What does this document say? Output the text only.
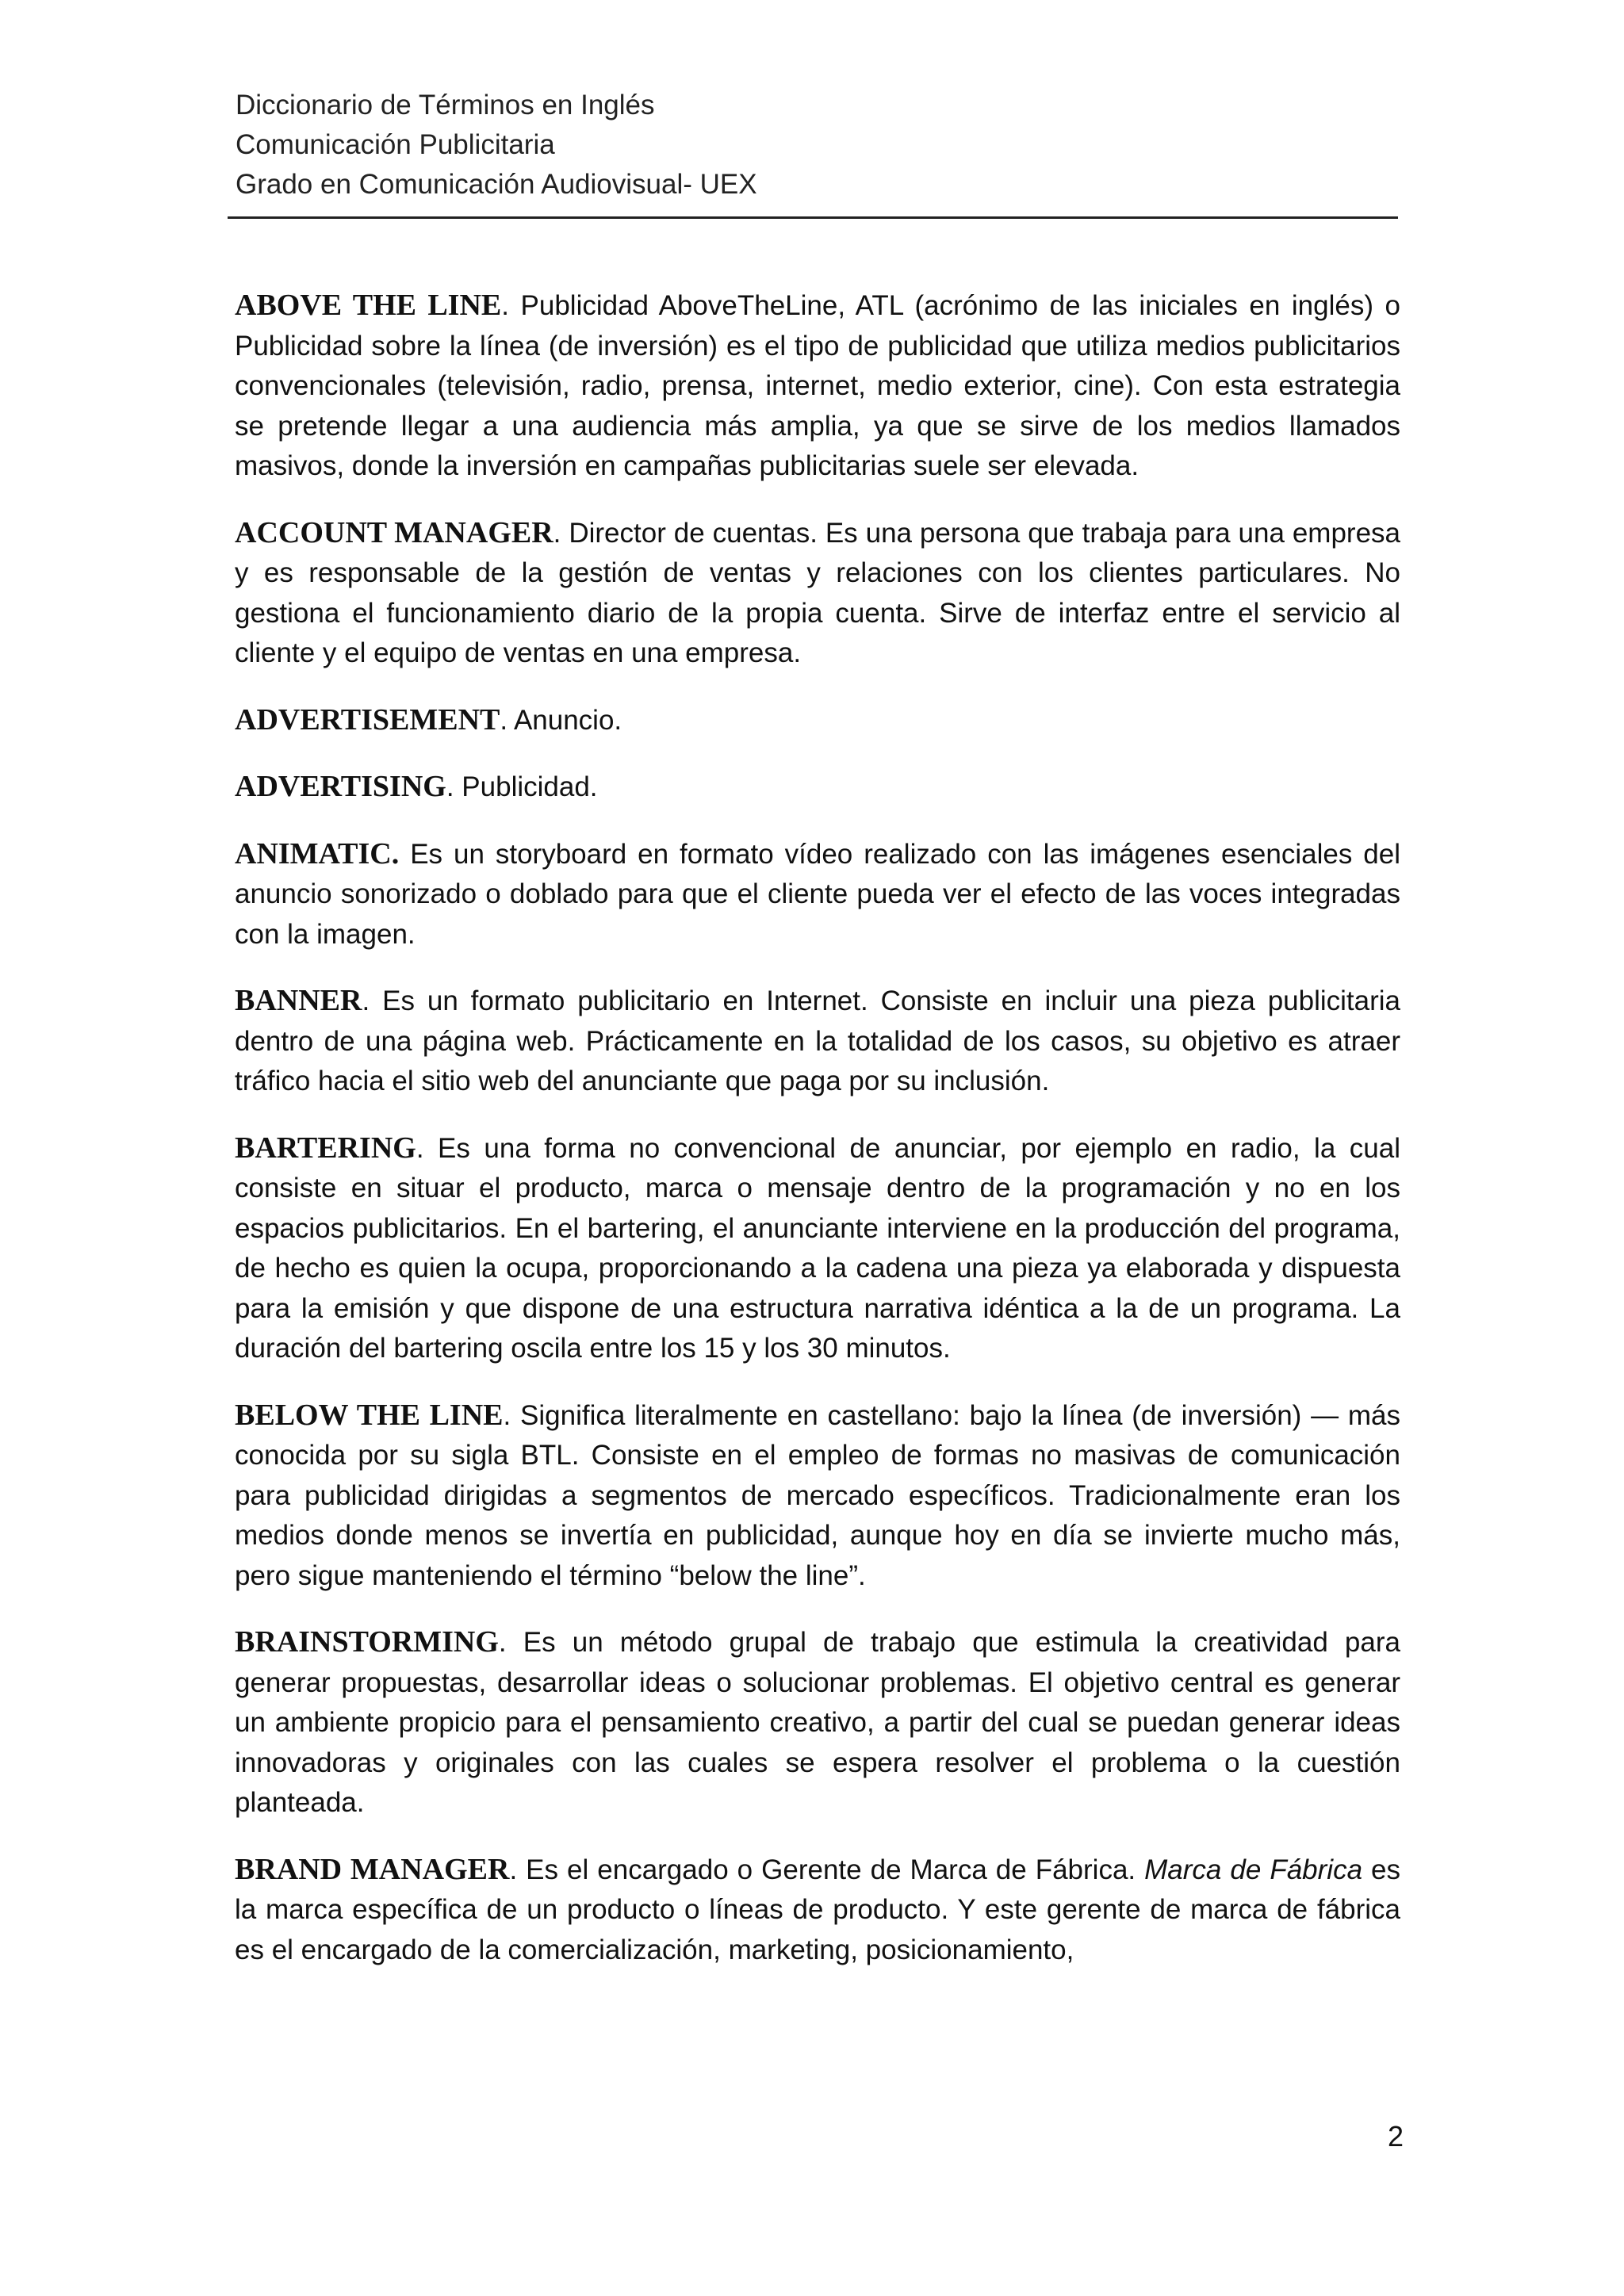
Diccionario de Términos en Inglés
Comunicación Publicitaria
Grado en Comunicación Audiovisual- UEX

ABOVE THE LINE. Publicidad AboveTheLine, ATL (acrónimo de las iniciales en inglés) o Publicidad sobre la línea (de inversión) es el tipo de publicidad que utiliza medios publicitarios convencionales (televisión, radio, prensa, internet, medio exterior, cine). Con esta estrategia se pretende llegar a una audiencia más amplia, ya que se sirve de los medios llamados masivos, donde la inversión en campañas publicitarias suele ser elevada.

ACCOUNT MANAGER. Director de cuentas. Es una persona que trabaja para una empresa y es responsable de la gestión de ventas y relaciones con los clientes particulares. No gestiona el funcionamiento diario de la propia cuenta. Sirve de interfaz entre el servicio al cliente y el equipo de ventas en una empresa.

ADVERTISEMENT. Anuncio.

ADVERTISING. Publicidad.

ANIMATIC. Es un storyboard en formato vídeo realizado con las imágenes esenciales del anuncio sonorizado o doblado para que el cliente pueda ver el efecto de las voces integradas con la imagen.

BANNER. Es un formato publicitario en Internet. Consiste en incluir una pieza publicitaria dentro de una página web. Prácticamente en la totalidad de los casos, su objetivo es atraer tráfico hacia el sitio web del anunciante que paga por su inclusión.

BARTERING. Es una forma no convencional de anunciar, por ejemplo en radio, la cual consiste en situar el producto, marca o mensaje dentro de la programación y no en los espacios publicitarios. En el bartering, el anunciante interviene en la producción del programa, de hecho es quien la ocupa, proporcionando a la cadena una pieza ya elaborada y dispuesta para la emisión y que dispone de una estructura narrativa idéntica a la de un programa. La duración del bartering oscila entre los 15 y los 30 minutos.

BELOW THE LINE. Significa literalmente en castellano: bajo la línea (de inversión) — más conocida por su sigla BTL. Consiste en el empleo de formas no masivas de comunicación para publicidad dirigidas a segmentos de mercado específicos. Tradicionalmente eran los medios donde menos se invertía en publicidad, aunque hoy en día se invierte mucho más, pero sigue manteniendo el término “below the line”.

BRAINSTORMING. Es un método grupal de trabajo que estimula la creatividad para generar propuestas, desarrollar ideas o solucionar problemas. El objetivo central es generar un ambiente propicio para el pensamiento creativo, a partir del cual se puedan generar ideas innovadoras y originales con las cuales se espera resolver el problema o la cuestión planteada.

BRAND MANAGER. Es el encargado o Gerente de Marca de Fábrica. Marca de Fábrica es la marca específica de un producto o líneas de producto. Y este gerente de marca de fábrica es el encargado de la comercialización, marketing, posicionamiento,

2
